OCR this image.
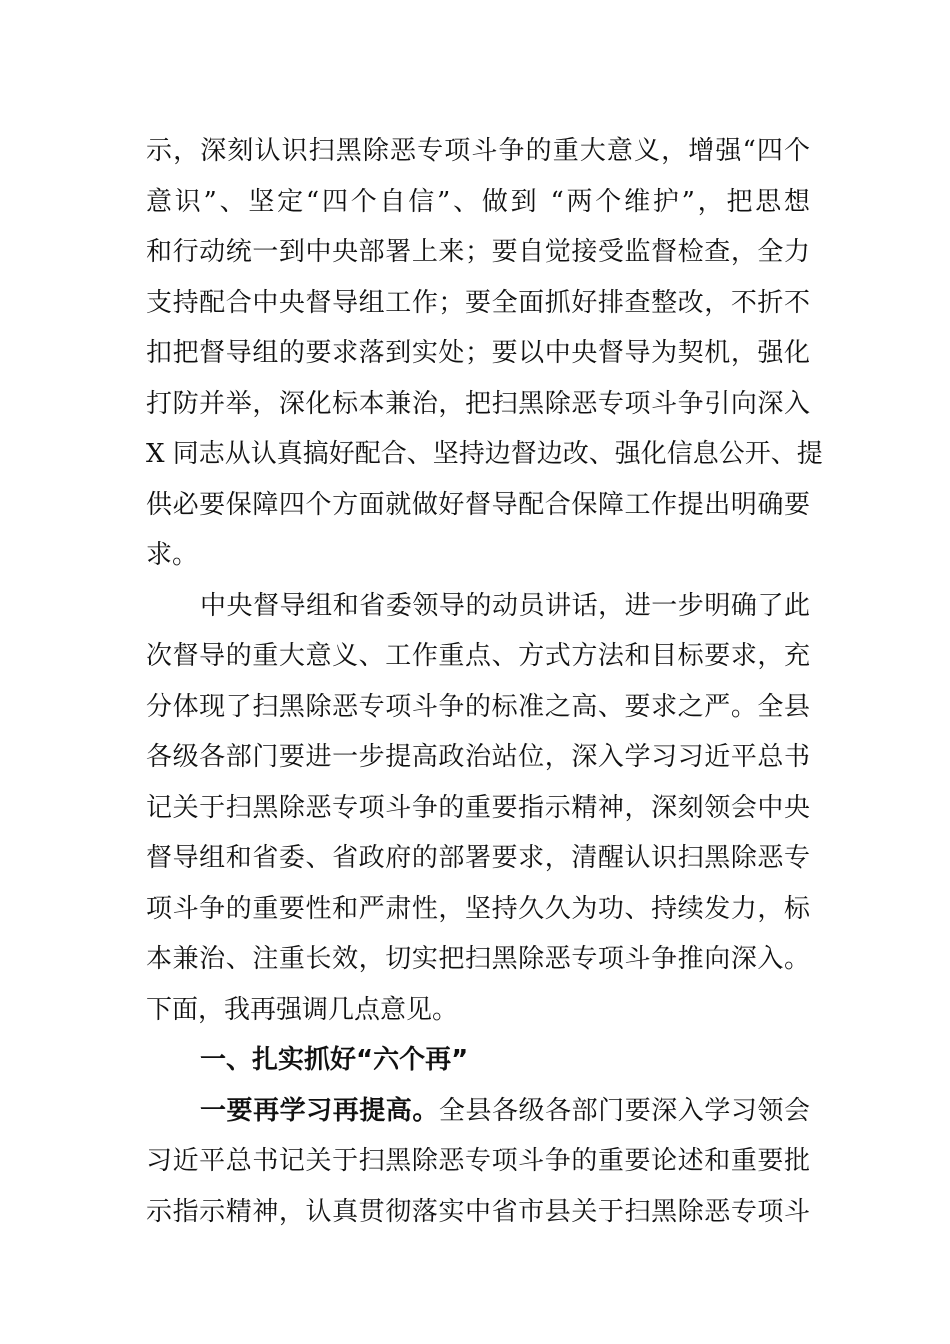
示，深刻认识扫黑除恶专项斗争的重大意义，增强“四个
意识”、坚定“四个自信”、做到 “两个维护”，把思想
和行动统一到中央部署上来；要自觉接受监督检查，全力
支持配合中央督导组工作；要全面抓好排查整改，不折不
扣把督导组的要求落到实处；要以中央督导为契机，强化
打防并举，深化标本兼治，把扫黑除恶专项斗争引向深入
X 同志从认真搞好配合、坚持边督边改、强化信息公开、提
供必要保障四个方面就做好督导配合保障工作提出明确要
求。
中央督导组和省委领导的动员讲话，进一步明确了此
次督导的重大意义、工作重点、方式方法和目标要求，充
分体现了扫黑除恶专项斗争的标准之高、要求之严。全县
各级各部门要进一步提高政治站位，深入学习习近平总书
记关于扫黑除恶专项斗争的重要指示精神，深刻领会中央
督导组和省委、省政府的部署要求，清醒认识扫黑除恶专
项斗争的重要性和严肃性，坚持久久为功、持续发力，标
本兼治、注重长效，切实把扫黑除恶专项斗争推向深入。
下面，我再强调几点意见。
一、扎实抓好“六个再”
一要再学习再提高。全县各级各部门要深入学习领会
习近平总书记关于扫黑除恶专项斗争的重要论述和重要批
示指示精神，认真贯彻落实中省市县关于扫黑除恶专项斗
